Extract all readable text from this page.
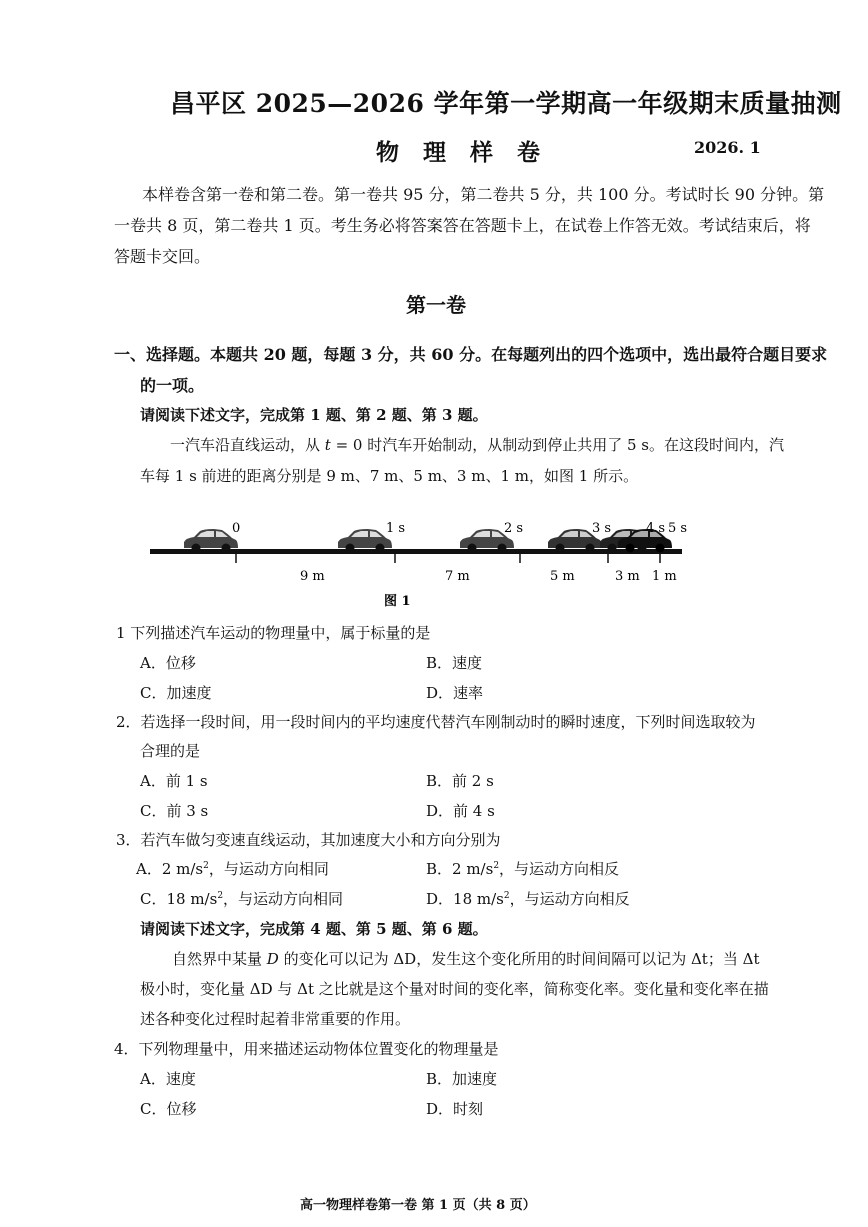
昌平区 2025—2026 学年第一学期高一年级期末质量抽测
物 理 样 卷	2026. 1
本样卷含第一卷和第二卷。第一卷共 95 分，第二卷共 5 分，共 100 分。考试时长 90 分钟。第
一卷共 8 页，第二卷共 1 页。考生务必将答案答在答题卡上，在试卷上作答无效。考试结束后，将
答题卡交回。
第一卷
一、选择题。本题共 20 题，每题 3 分，共 60 分。在每题列出的四个选项中，选出最符合题目要求
的一项。
请阅读下述文字，完成第 1 题、第 2 题、第 3 题。
一汽车沿直线运动，从 t = 0 时汽车开始制动，从制动到停止共用了 5 s。在这段时间内，汽
车每 1 s 前进的距离分别是 9 m、7 m、5 m、3 m、1 m，如图 1 所示。
0	1 s	2 s	3 s	4 s 5 s
9 m	7 m	5 m	3 m 1 m
图 1
1 下列描述汽车运动的物理量中，属于标量的是
A．位移	B．速度
C．加速度	D．速率
2．若选择一段时间，用一段时间内的平均速度代替汽车刚制动时的瞬时速度，下列时间选取较为
合理的是
A．前 1 s	B．前 2 s
C．前 3 s	D．前 4 s
3．若汽车做匀变速直线运动，其加速度大小和方向分别为
A．2 $m/s^2$，与运动方向相同	B．2 $m/s^2$，与运动方向相反
C．18 $m/s^2$，与运动方向相同	D．18 $m/s^2$，与运动方向相反
请阅读下述文字，完成第 4 题、第 5 题、第 6 题。
自然界中某量 D 的变化可以记为 ΔD，发生这个变化所用的时间间隔可以记为 Δt；当 Δt
极小时，变化量 ΔD 与 Δt 之比就是这个量对时间的变化率，简称变化率。变化量和变化率在描
述各种变化过程时起着非常重要的作用。
4．下列物理量中，用来描述运动物体位置变化的物理量是
A．速度	B．加速度
C．位移	D．时刻
高一物理样卷第一卷 第 1 页（共 8 页）
